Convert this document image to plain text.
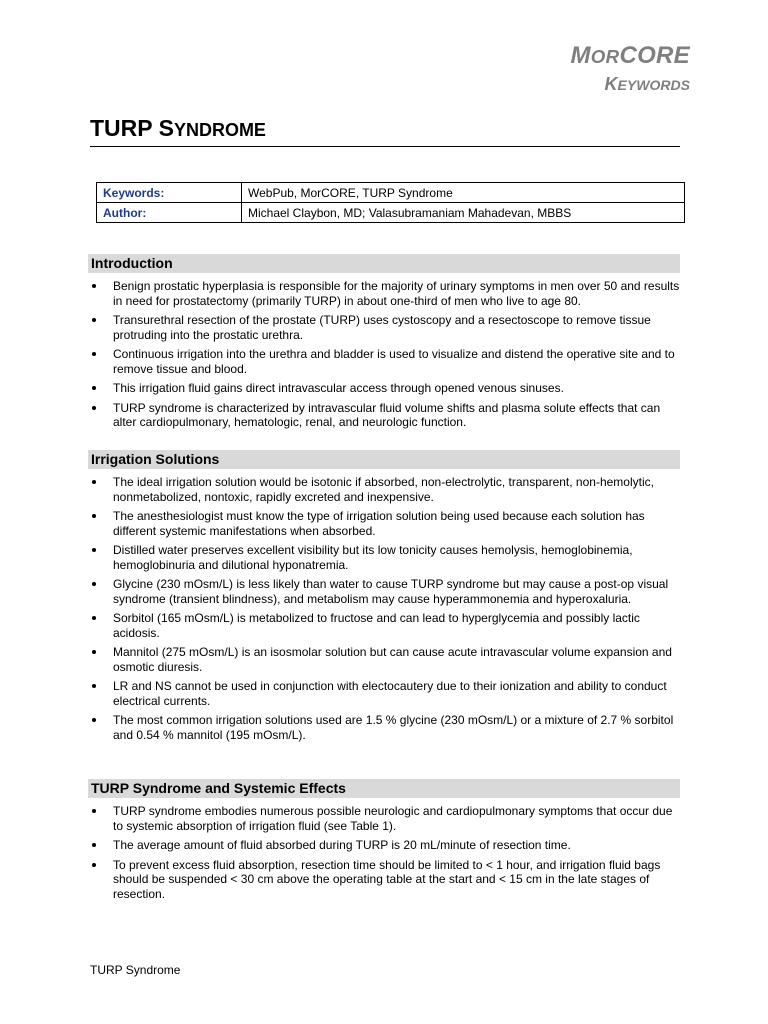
MORCORE
KEYWORDS
TURP SYNDROME
Keywords:	WebPub, MorCORE, TURP Syndrome
Author:	Michael Claybon, MD; Valasubramaniam Mahadevan, MBBS
Introduction
Benign prostatic hyperplasia is responsible for the majority of urinary symptoms in men over 50 and results in need for prostatectomy (primarily TURP) in about one-third of men who live to age 80.
Transurethral resection of the prostate (TURP) uses cystoscopy and a resectoscope to remove tissue protruding into the prostatic urethra.
Continuous irrigation into the urethra and bladder is used to visualize and distend the operative site and to remove tissue and blood.
This irrigation fluid gains direct intravascular access through opened venous sinuses.
TURP syndrome is characterized by intravascular fluid volume shifts and plasma solute effects that can alter cardiopulmonary, hematologic, renal, and neurologic function.
Irrigation Solutions
The ideal irrigation solution would be isotonic if absorbed, non-electrolytic, transparent, non-hemolytic, nonmetabolized, nontoxic, rapidly excreted and inexpensive.
The anesthesiologist must know the type of irrigation solution being used because each solution has different systemic manifestations when absorbed.
Distilled water preserves excellent visibility but its low tonicity causes hemolysis, hemoglobinemia, hemoglobinuria and dilutional hyponatremia.
Glycine (230 mOsm/L) is less likely than water to cause TURP syndrome but may cause a post-op visual syndrome (transient blindness), and metabolism may cause hyperammonemia and hyperoxaluria.
Sorbitol (165 mOsm/L) is metabolized to fructose and can lead to hyperglycemia and possibly lactic acidosis.
Mannitol (275 mOsm/L) is an isosmolar solution but can cause acute intravascular volume expansion and osmotic diuresis.
LR and NS cannot be used in conjunction with electocautery due to their ionization and ability to conduct electrical currents.
The most common irrigation solutions used are 1.5 % glycine (230 mOsm/L) or a mixture of 2.7 % sorbitol and 0.54 % mannitol (195 mOsm/L).
TURP Syndrome and Systemic Effects
TURP syndrome embodies numerous possible neurologic and cardiopulmonary symptoms that occur due to systemic absorption of irrigation fluid (see Table 1).
The average amount of fluid absorbed during TURP is 20 mL/minute of resection time.
To prevent excess fluid absorption, resection time should be limited to < 1 hour, and irrigation fluid bags should be suspended < 30 cm above the operating table at the start and < 15 cm in the late stages of resection.
TURP Syndrome
